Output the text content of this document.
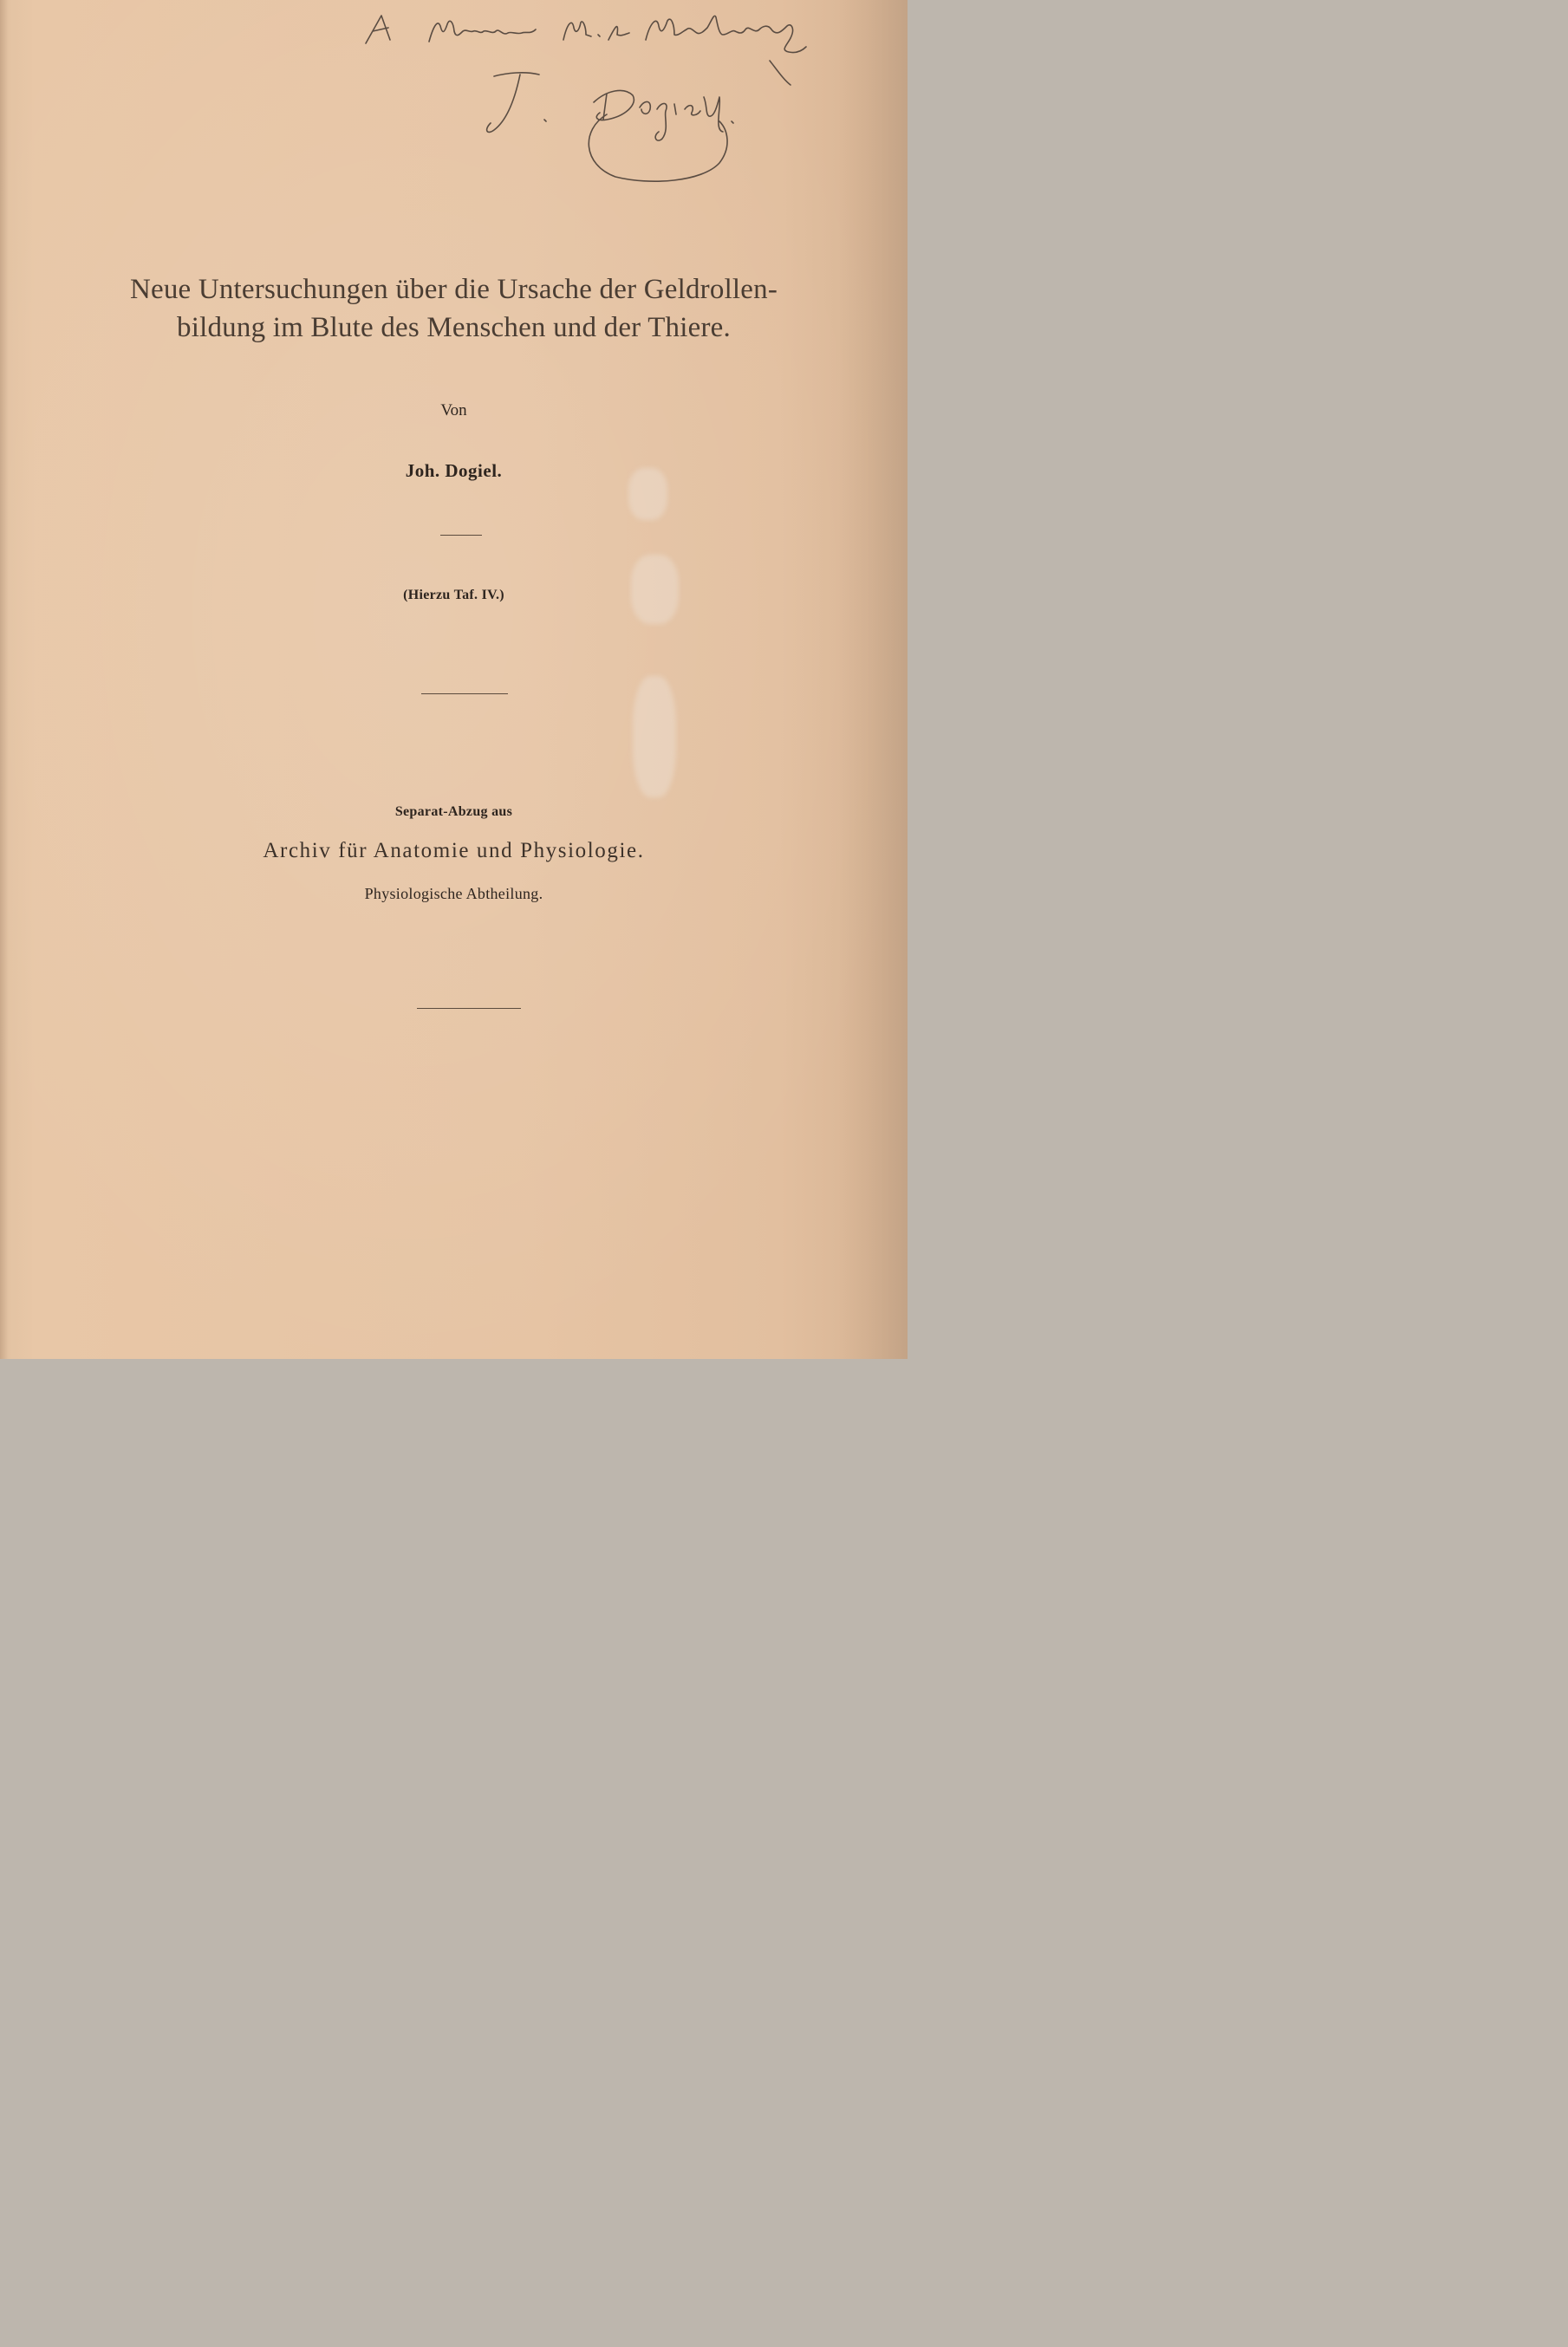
Neue Untersuchungen über die Ursache der Geldrollen-
bildung im Blute des Menschen und der Thiere.
Von
Joh. Dogiel.
(Hierzu Taf. IV.)
Separat-Abzug aus
Archiv für Anatomie und Physiologie.
Physiologische Abtheilung.
